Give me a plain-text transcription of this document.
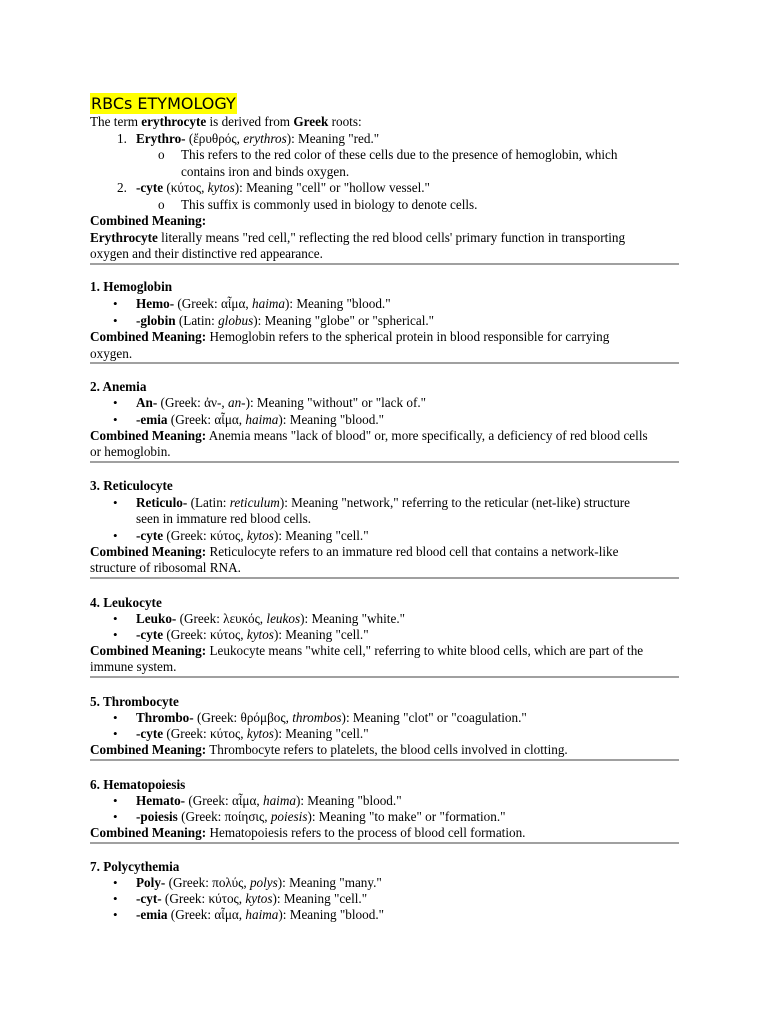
RBCs ETYMOLOGY
The term erythrocyte is derived from Greek roots:
1. Erythro- (ἔρυθρός, erythros): Meaning "red."
o This refers to the red color of these cells due to the presence of hemoglobin, which
contains iron and binds oxygen.
2. -cyte (κύτος, kytos): Meaning "cell" or "hollow vessel."
o This suffix is commonly used in biology to denote cells.
Combined Meaning:
Erythrocyte literally means "red cell," reflecting the red blood cells' primary function in transporting
oxygen and their distinctive red appearance.
1. Hemoglobin
• Hemo- (Greek: αἷμα, haima): Meaning "blood."
• -globin (Latin: globus): Meaning "globe" or "spherical."
Combined Meaning: Hemoglobin refers to the spherical protein in blood responsible for carrying
oxygen.
2. Anemia
• An- (Greek: ἀν-, an-): Meaning "without" or "lack of."
• -emia (Greek: αἷμα, haima): Meaning "blood."
Combined Meaning: Anemia means "lack of blood" or, more specifically, a deficiency of red blood cells
or hemoglobin.
3. Reticulocyte
• Reticulo- (Latin: reticulum): Meaning "network," referring to the reticular (net-like) structure
seen in immature red blood cells.
• -cyte (Greek: κύτος, kytos): Meaning "cell."
Combined Meaning: Reticulocyte refers to an immature red blood cell that contains a network-like
structure of ribosomal RNA.
4. Leukocyte
• Leuko- (Greek: λευκός, leukos): Meaning "white."
• -cyte (Greek: κύτος, kytos): Meaning "cell."
Combined Meaning: Leukocyte means "white cell," referring to white blood cells, which are part of the
immune system.
5. Thrombocyte
• Thrombo- (Greek: θρόμβος, thrombos): Meaning "clot" or "coagulation."
• -cyte (Greek: κύτος, kytos): Meaning "cell."
Combined Meaning: Thrombocyte refers to platelets, the blood cells involved in clotting.
6. Hematopoiesis
• Hemato- (Greek: αἷμα, haima): Meaning "blood."
• -poiesis (Greek: ποίησις, poiesis): Meaning "to make" or "formation."
Combined Meaning: Hematopoiesis refers to the process of blood cell formation.
7. Polycythemia
• Poly- (Greek: πολύς, polys): Meaning "many."
• -cyt- (Greek: κύτος, kytos): Meaning "cell."
• -emia (Greek: αἷμα, haima): Meaning "blood."
